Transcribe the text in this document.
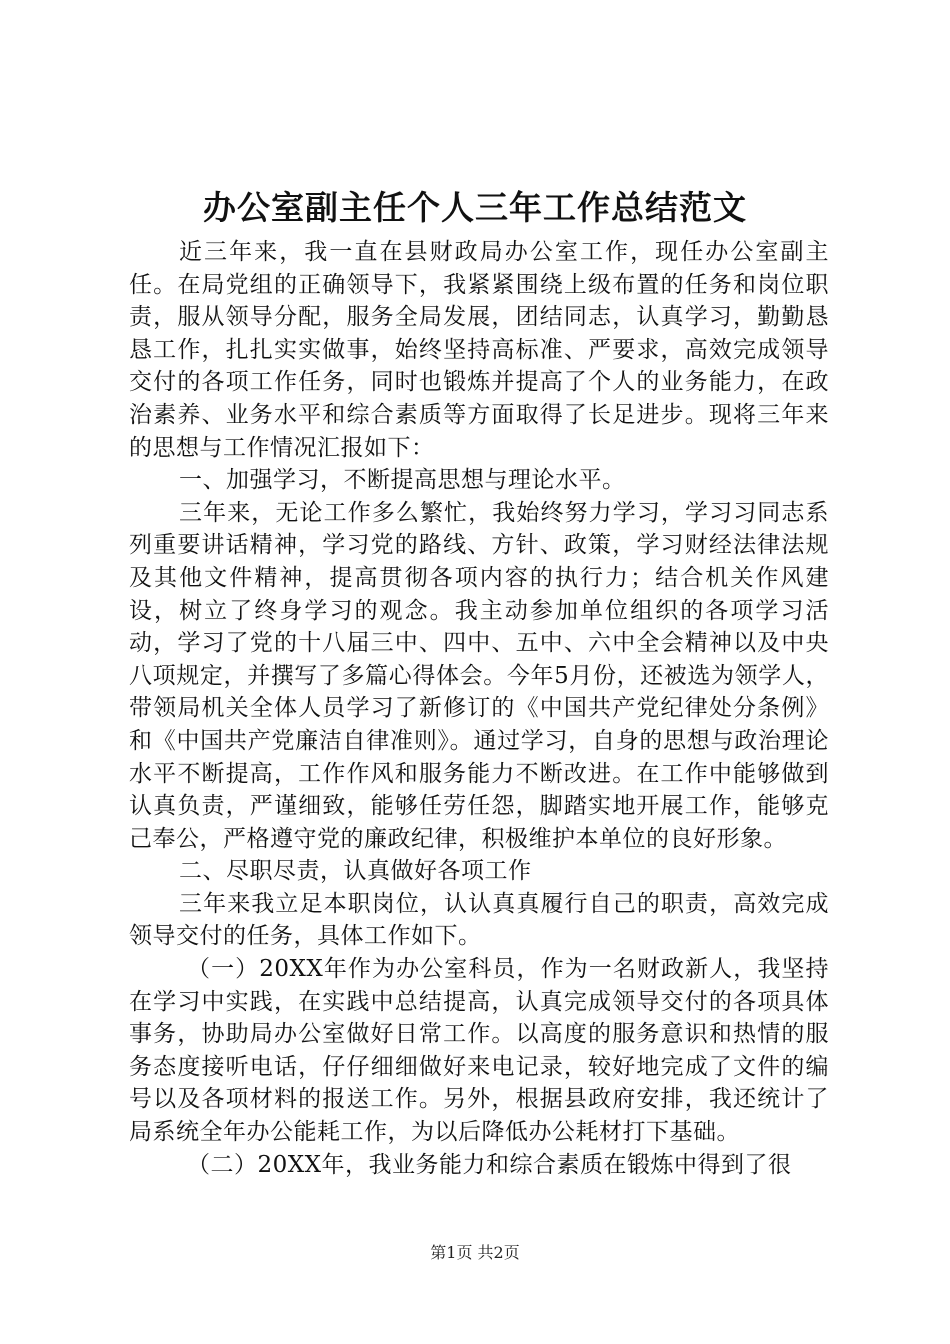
办公室副主任个人三年工作总结范文

近三年来，我一直在县财政局办公室工作，现任办公室副主任。在局党组的正确领导下，我紧紧围绕上级布置的任务和岗位职责，服从领导分配，服务全局发展，团结同志，认真学习，勤勤恳恳工作，扎扎实实做事，始终坚持高标准、严要求，高效完成领导交付的各项工作任务，同时也锻炼并提高了个人的业务能力，在政治素养、业务水平和综合素质等方面取得了长足进步。现将三年来的思想与工作情况汇报如下：

一、加强学习，不断提高思想与理论水平。

三年来，无论工作多么繁忙，我始终努力学习，学习习同志系列重要讲话精神，学习党的路线、方针、政策，学习财经法律法规及其他文件精神，提高贯彻各项内容的执行力；结合机关作风建设，树立了终身学习的观念。我主动参加单位组织的各项学习活动，学习了党的十八届三中、四中、五中、六中全会精神以及中央八项规定，并撰写了多篇心得体会。今年5月份，还被选为领学人，带领局机关全体人员学习了新修订的《中国共产党纪律处分条例》和《中国共产党廉洁自律准则》。通过学习，自身的思想与政治理论水平不断提高，工作作风和服务能力不断改进。在工作中能够做到认真负责，严谨细致，能够任劳任怨，脚踏实地开展工作，能够克己奉公，严格遵守党的廉政纪律，积极维护本单位的良好形象。

二、尽职尽责，认真做好各项工作

三年来我立足本职岗位，认认真真履行自己的职责，高效完成领导交付的任务，具体工作如下。

（一）20XX年作为办公室科员，作为一名财政新人，我坚持在学习中实践，在实践中总结提高，认真完成领导交付的各项具体事务，协助局办公室做好日常工作。以高度的服务意识和热情的服务态度接听电话，仔仔细细做好来电记录，较好地完成了文件的编号以及各项材料的报送工作。另外，根据县政府安排，我还统计了局系统全年办公能耗工作，为以后降低办公耗材打下基础。

（二）20XX年，我业务能力和综合素质在锻炼中得到了很

第1页 共2页
